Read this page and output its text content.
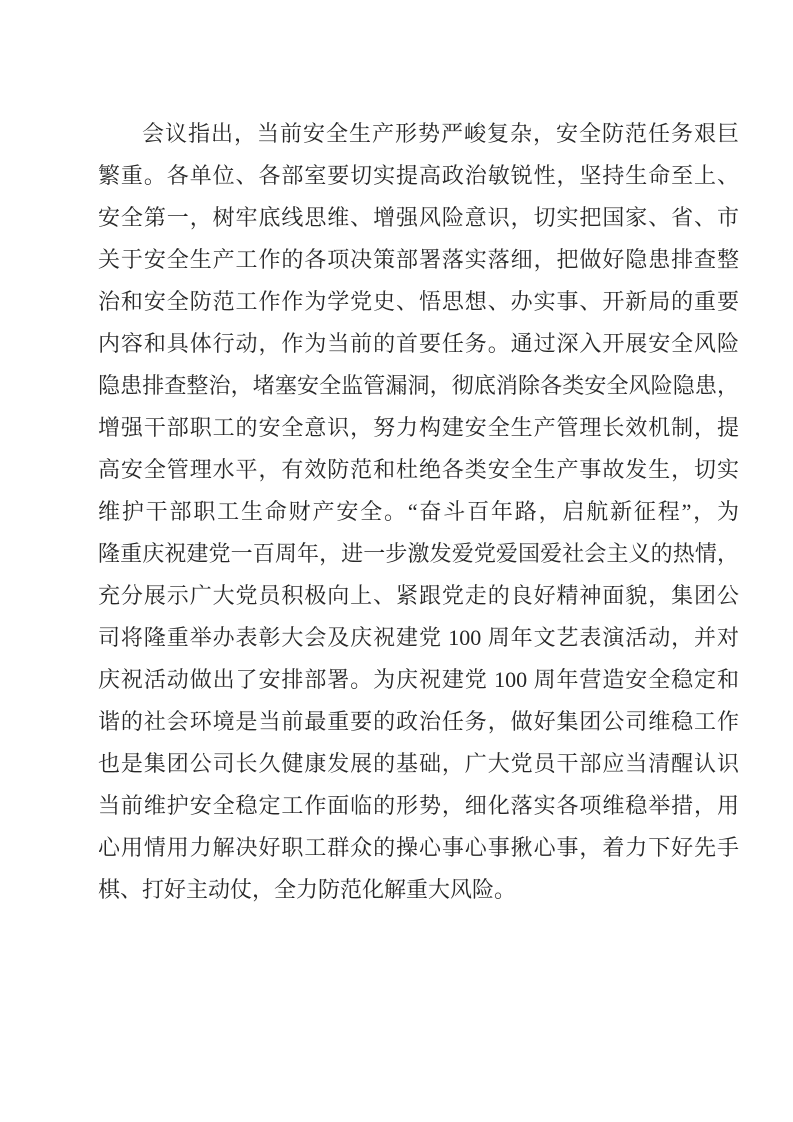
会议指出，当前安全生产形势严峻复杂，安全防范任务艰巨
繁重。各单位、各部室要切实提高政治敏锐性，坚持生命至上、
安全第一，树牢底线思维、增强风险意识，切实把国家、省、市
关于安全生产工作的各项决策部署落实落细，把做好隐患排查整
治和安全防范工作作为学党史、悟思想、办实事、开新局的重要
内容和具体行动，作为当前的首要任务。通过深入开展安全风险
隐患排查整治，堵塞安全监管漏洞，彻底消除各类安全风险隐患，
增强干部职工的安全意识，努力构建安全生产管理长效机制，提
高安全管理水平，有效防范和杜绝各类安全生产事故发生，切实
维护干部职工生命财产安全。“奋斗百年路，启航新征程”，为
隆重庆祝建党一百周年，进一步激发爱党爱国爱社会主义的热情，
充分展示广大党员积极向上、紧跟党走的良好精神面貌，集团公
司将隆重举办表彰大会及庆祝建党 100 周年文艺表演活动，并对
庆祝活动做出了安排部署。为庆祝建党 100 周年营造安全稳定和
谐的社会环境是当前最重要的政治任务，做好集团公司维稳工作
也是集团公司长久健康发展的基础，广大党员干部应当清醒认识
当前维护安全稳定工作面临的形势，细化落实各项维稳举措，用
心用情用力解决好职工群众的操心事心事揪心事，着力下好先手
棋、打好主动仗，全力防范化解重大风险。
